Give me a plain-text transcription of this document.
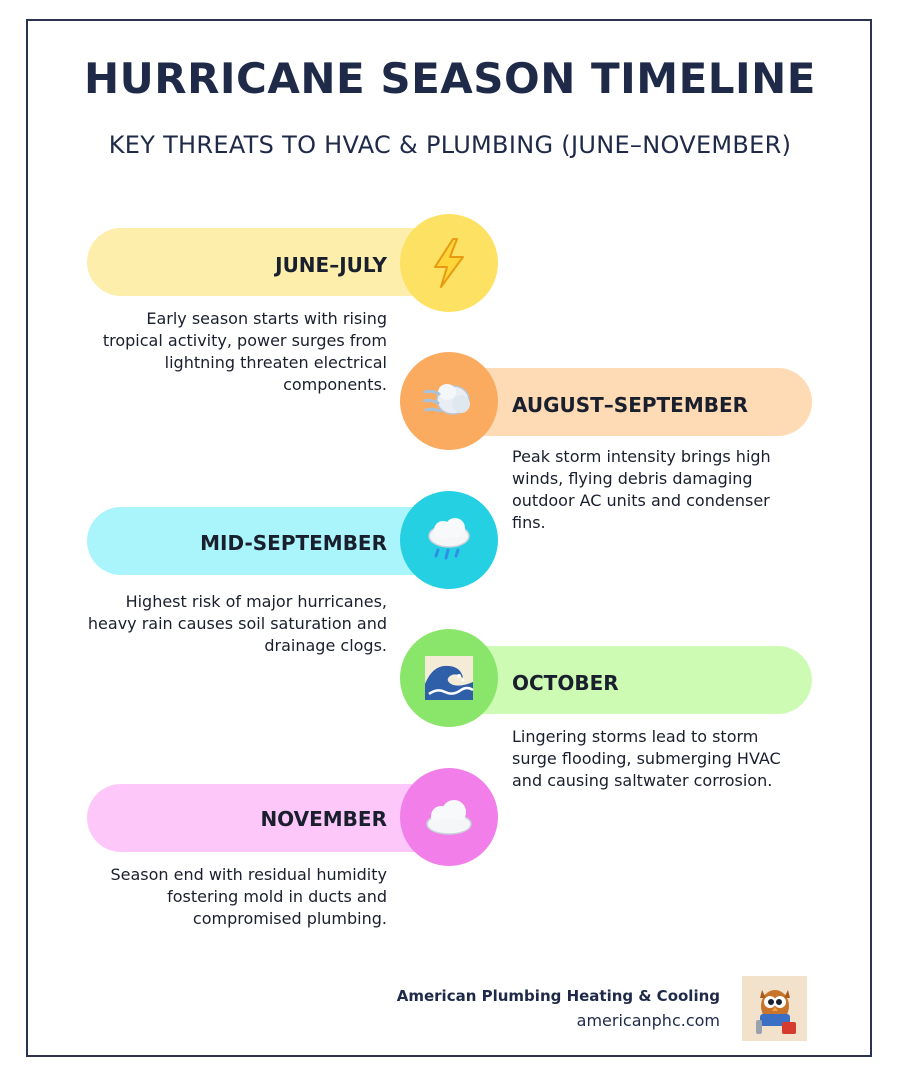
HURRICANE SEASON TIMELINE
KEY THREATS TO HVAC & PLUMBING (JUNE–NOVEMBER)
JUNE–JULY
Early season starts with rising tropical activity, power surges from lightning threaten electrical components.
AUGUST–SEPTEMBER
Peak storm intensity brings high winds, flying debris damaging outdoor AC units and condenser fins.
MID-SEPTEMBER
Highest risk of major hurricanes, heavy rain causes soil saturation and drainage clogs.
OCTOBER
Lingering storms lead to storm surge flooding, submerging HVAC and causing saltwater corrosion.
NOVEMBER
Season end with residual humidity fostering mold in ducts and compromised plumbing.
American Plumbing Heating & Cooling
americanphc.com
